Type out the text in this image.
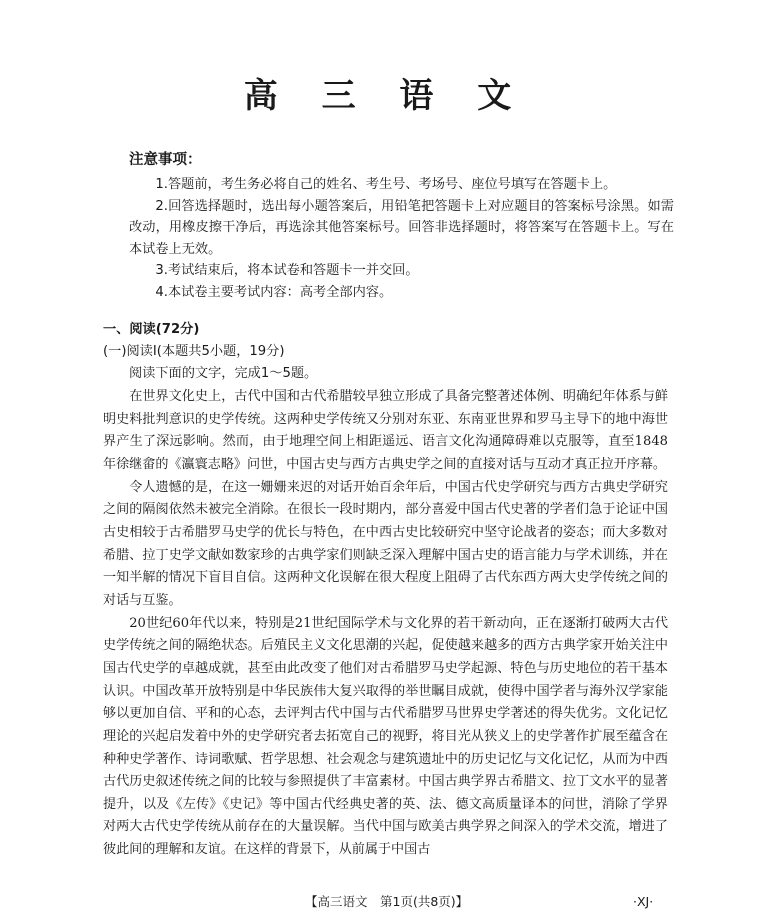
高 三 语 文
注意事项：

1.答题前，考生务必将自己的姓名、考生号、考场号、座位号填写在答题卡上。

2.回答选择题时，选出每小题答案后，用铅笔把答题卡上对应题目的答案标号涂黑。如需改动，用橡皮擦干净后，再选涂其他答案标号。回答非选择题时，将答案写在答题卡上。写在本试卷上无效。

3.考试结束后，将本试卷和答题卡一并交回。

4.本试卷主要考试内容：高考全部内容。

一、阅读(72分)
(一)阅读Ⅰ(本题共5小题，19分)
阅读下面的文字，完成1～5题。

在世界文化史上，古代中国和古代希腊较早独立形成了具备完整著述体例、明确纪年体系与鲜明史料批判意识的史学传统。这两种史学传统又分别对东亚、东南亚世界和罗马主导下的地中海世界产生了深远影响。然而，由于地理空间上相距遥远、语言文化沟通障碍难以克服等，直至1848年徐继畲的《瀛寰志略》问世，中国古史与西方古典史学之间的直接对话与互动才真正拉开序幕。

令人遗憾的是，在这一姗姗来迟的对话开始百余年后，中国古代史学研究与西方古典史学研究之间的隔阂依然未被完全消除。在很长一段时期内，部分喜爱中国古代史著的学者们急于论证中国古史相较于古希腊罗马史学的优长与特色，在中西古史比较研究中坚守论战者的姿态；而大多数对希腊、拉丁史学文献如数家珍的古典学家们则缺乏深入理解中国古史的语言能力与学术训练，并在一知半解的情况下盲目自信。这两种文化误解在很大程度上阻碍了古代东西方两大史学传统之间的对话与互鉴。

20世纪60年代以来，特别是21世纪国际学术与文化界的若干新动向，正在逐渐打破两大古代史学传统之间的隔绝状态。后殖民主义文化思潮的兴起，促使越来越多的西方古典学家开始关注中国古代史学的卓越成就，甚至由此改变了他们对古希腊罗马史学起源、特色与历史地位的若干基本认识。中国改革开放特别是中华民族伟大复兴取得的举世瞩目成就，使得中国学者与海外汉学家能够以更加自信、平和的心态，去评判古代中国与古代希腊罗马世界史学著述的得失优劣。文化记忆理论的兴起启发着中外的史学研究者去拓宽自己的视野，将目光从狭义上的史学著作扩展至蕴含在种种史学著作、诗词歌赋、哲学思想、社会观念与建筑遗址中的历史记忆与文化记忆，从而为中西古代历史叙述传统之间的比较与参照提供了丰富素材。中国古典学界古希腊文、拉丁文水平的显著提升，以及《左传》《史记》等中国古代经典史著的英、法、德文高质量译本的问世，消除了学界对两大古代史学传统从前存在的大量误解。当代中国与欧美古典学界之间深入的学术交流，增进了彼此间的理解和友谊。在这样的背景下，从前属于中国古

【高三语文　第1页(共8页)】	·XJ·
